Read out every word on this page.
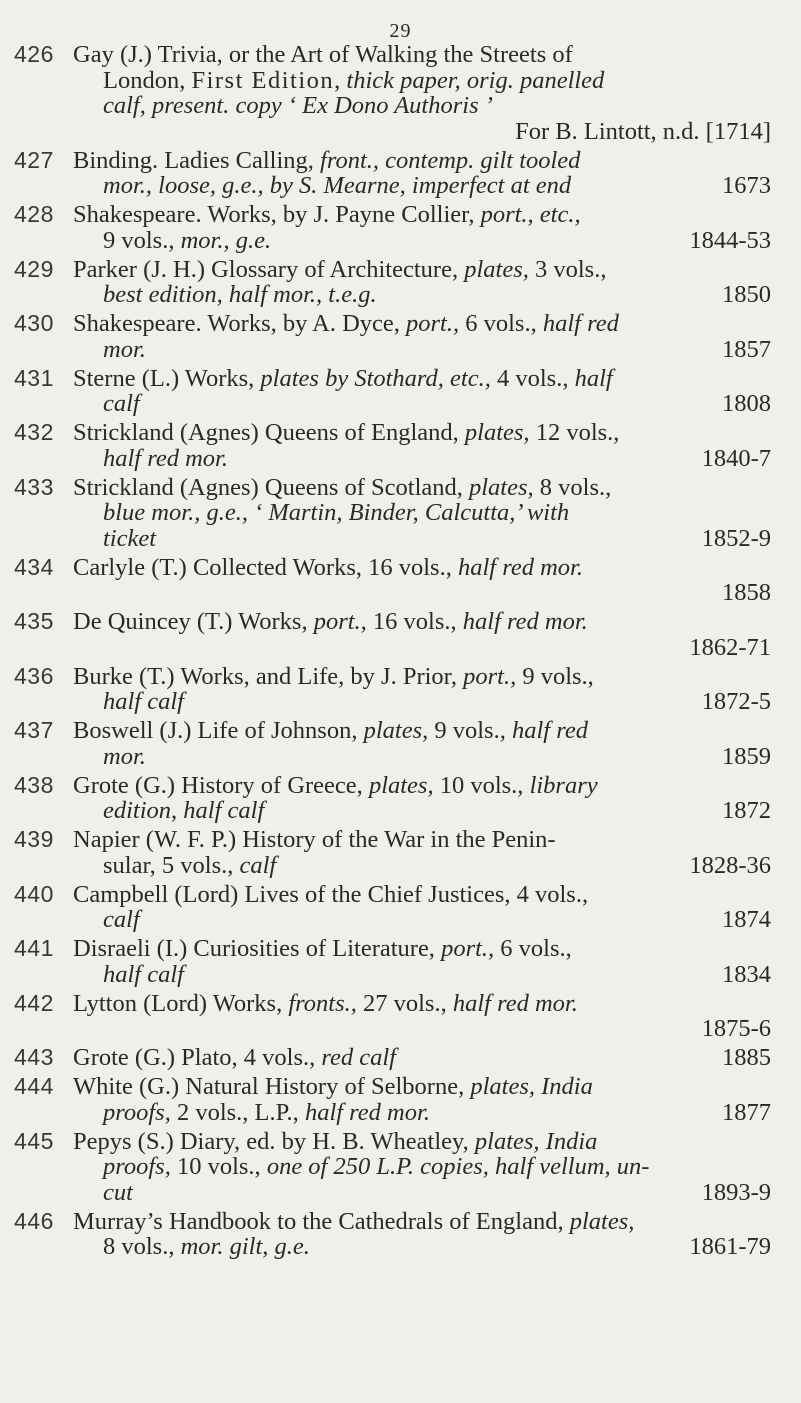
29
426 Gay (J.) Trivia, or the Art of Walking the Streets of
London, First Edition, thick paper, orig. panelled
calf, present. copy ‘ Ex Dono Authoris ’
For B. Lintott, n.d. [1714]
427 Binding. Ladies Calling, front., contemp. gilt tooled
1673
mor., loose, g.e., by S. Mearne, imperfect at end
428 Shakespeare. Works, by J. Payne Collier, port., etc.,
1844-53
9 vols., mor., g.e.
429 Parker (J. H.) Glossary of Architecture, plates, 3 vols.,
1850
best edition, half mor., t.e.g.
430 Shakespeare. Works, by A. Dyce, port., 6 vols., half red
1857
mor.
431 Sterne (L.) Works, plates by Stothard, etc., 4 vols., half
1808
calf
432 Strickland (Agnes) Queens of England, plates, 12 vols.,
1840-7
half red mor.
433 Strickland (Agnes) Queens of Scotland, plates, 8 vols.,
blue mor., g.e., ‘ Martin, Binder, Calcutta,’ with
1852-9
ticket
434 Carlyle (T.) Collected Works, 16 vols., half red mor.
1858
435 De Quincey (T.) Works, port., 16 vols., half red mor.
1862-71
436 Burke (T.) Works, and Life, by J. Prior, port., 9 vols.,
1872-5
half calf
437 Boswell (J.) Life of Johnson, plates, 9 vols., half red
1859
mor.
438 Grote (G.) History of Greece, plates, 10 vols., library
1872
edition, half calf
439 Napier (W. F. P.) History of the War in the Penin-
1828-36
sular, 5 vols., calf
440 Campbell (Lord) Lives of the Chief Justices, 4 vols.,
1874
calf
441 Disraeli (I.) Curiosities of Literature, port., 6 vols.,
1834
half calf
442 Lytton (Lord) Works, fronts., 27 vols., half red mor.
1875-6
443	1885
Grote (G.) Plato, 4 vols., red calf
444 White (G.) Natural History of Selborne, plates, India
1877
proofs, 2 vols., L.P., half red mor.
445 Pepys (S.) Diary, ed. by H. B. Wheatley, plates, India
proofs, 10 vols., one of 250 L.P. copies, half vellum, un-
1893-9
cut
446 Murray’s Handbook to the Cathedrals of England, plates,
1861-79
8 vols., mor. gilt, g.e.
